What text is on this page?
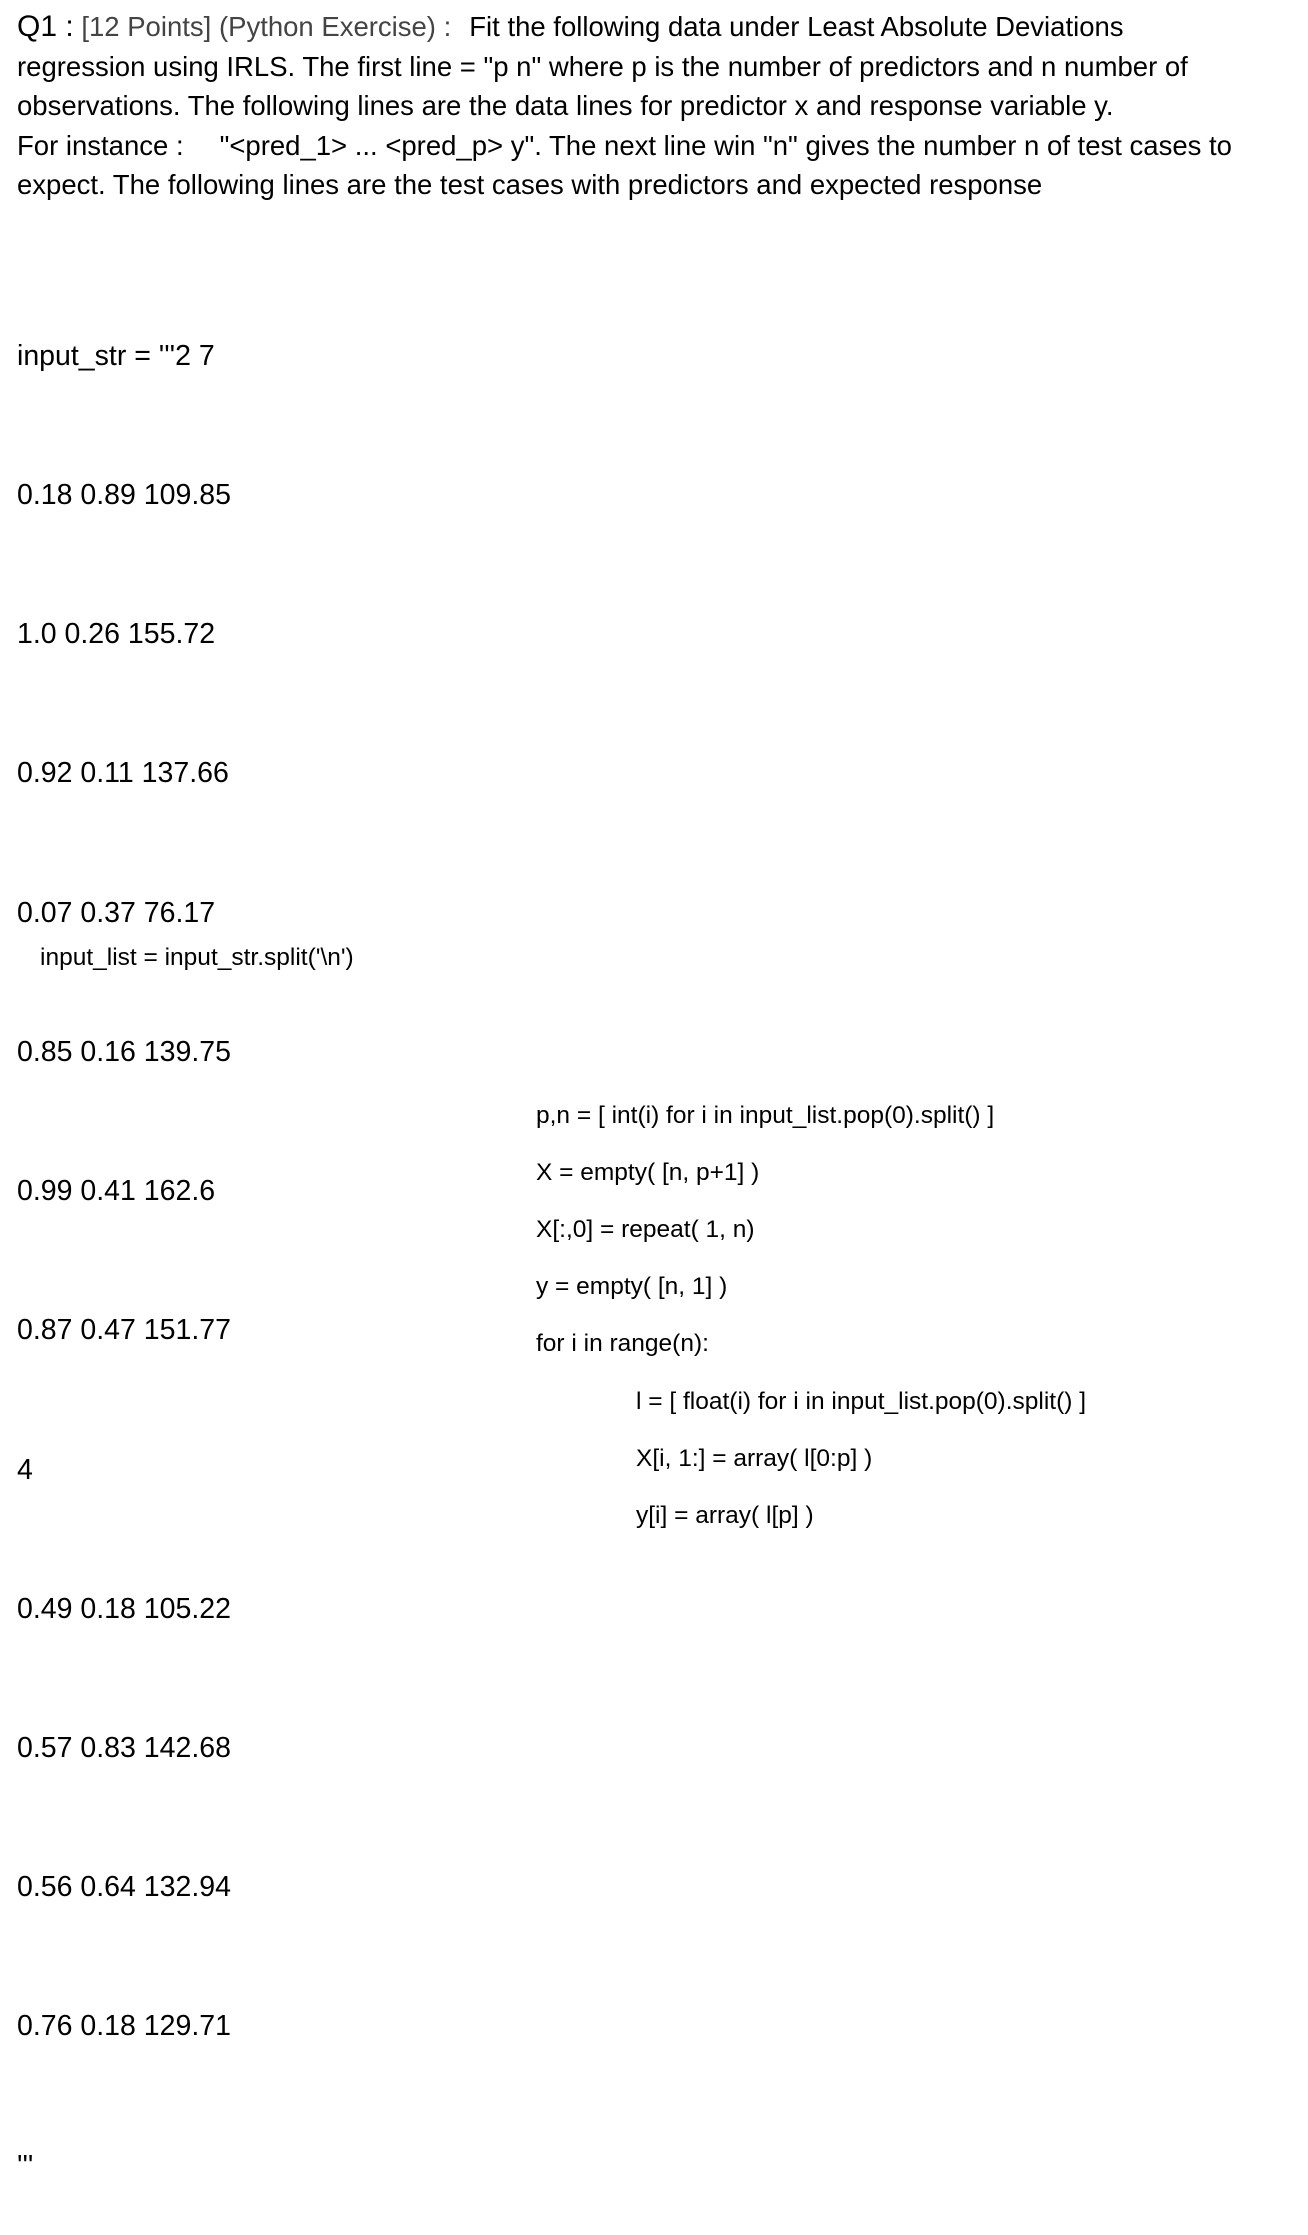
Q1 : [12 Points] (Python Exercise) : Fit the following data under Least Absolute Deviations
regression using IRLS. The first line = "p n" where p is the number of predictors and n number of
observations. The following lines are the data lines for predictor x and response variable y.
For instance : "<pred_1> ... <pred_p> y". The next line win "n" gives the number n of test cases to
expect. The following lines are the test cases with predictors and expected response

input_str = '''2 7

0.18 0.89 109.85

1.0 0.26 155.72

0.92 0.11 137.66

0.07 0.37 76.17

0.85 0.16 139.75

0.99 0.41 162.6

0.87 0.47 151.77

4

0.49 0.18 105.22

0.57 0.83 142.68

0.56 0.64 132.94

0.76 0.18 129.71

'''

input_list = input_str.split('\n')
p,n = [ int(i) for i in input_list.pop(0).split() ]
X = empty( [n, p+1] )
X[:,0] = repeat( 1, n)
y = empty( [n, 1] )
for i in range(n):
l = [ float(i) for i in input_list.pop(0).split() ]
X[i, 1:] = array( l[0:p] )
y[i] = array( l[p] )
